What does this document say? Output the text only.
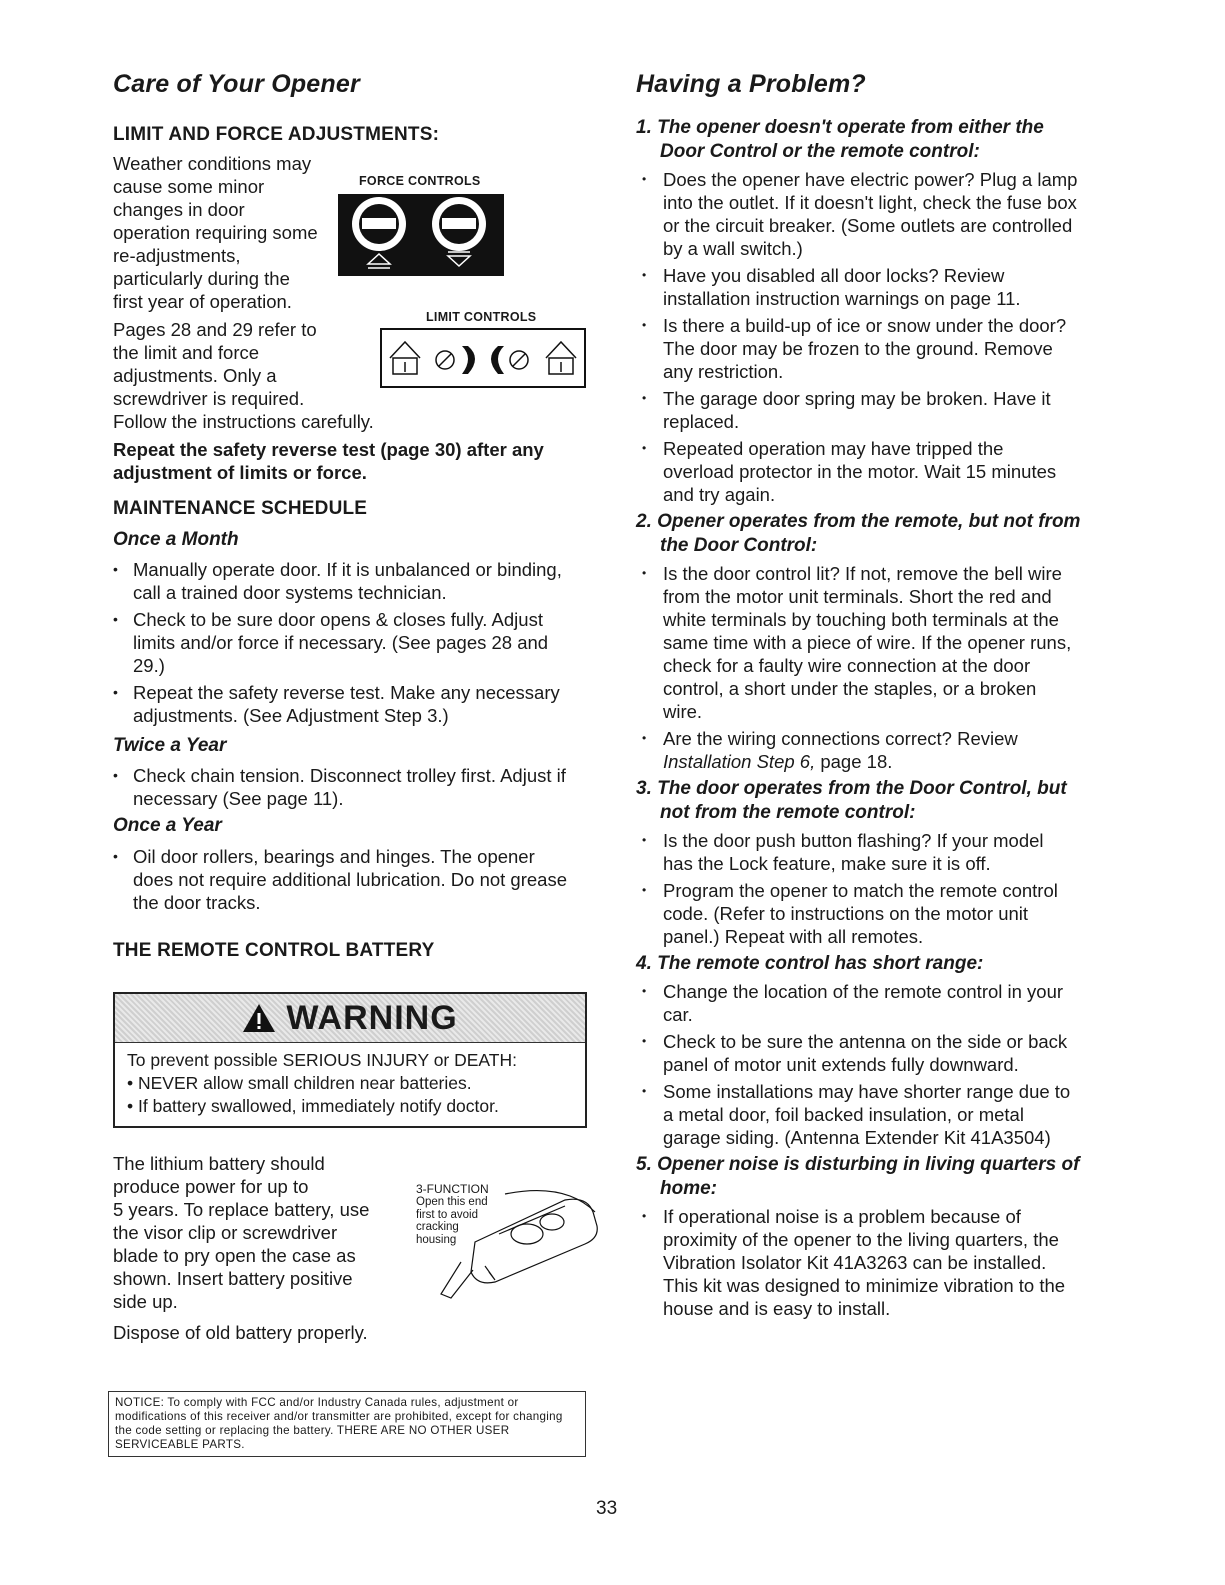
Care of Your Opener
LIMIT AND FORCE ADJUSTMENTS:
Weather conditions may
cause some minor
changes in door
operation requiring some
re-adjustments,
particularly during the
first year of operation.
Pages 28 and 29 refer to
the limit and force
adjustments. Only a
screwdriver is required.
Follow the instructions carefully.
FORCE CONTROLS
LIMIT CONTROLS
Repeat the safety reverse test (page 30) after any adjustment of limits or force.
MAINTENANCE SCHEDULE
Once a Month
• Manually operate door. If it is unbalanced or binding, call a trained door systems technician.
• Check to be sure door opens & closes fully. Adjust limits and/or force if necessary. (See pages 28 and 29.)
• Repeat the safety reverse test. Make any necessary adjustments. (See Adjustment Step 3.)
Twice a Year
• Check chain tension. Disconnect trolley first. Adjust if necessary (See page 11).
Once a Year
• Oil door rollers, bearings and hinges. The opener does not require additional lubrication. Do not grease the door tracks.
THE REMOTE CONTROL BATTERY
WARNING
To prevent possible SERIOUS INJURY or DEATH:
• NEVER allow small children near batteries.
• If battery swallowed, immediately notify doctor.
The lithium battery should
produce power for up to
5 years. To replace battery, use
the visor clip or screwdriver
blade to pry open the case as
shown. Insert battery positive
side up.
Dispose of old battery properly.
3-FUNCTION
Open this end
first to avoid
cracking
housing
NOTICE: To comply with FCC and/or Industry Canada rules, adjustment or
modifications of this receiver and/or transmitter are prohibited, except for changing
the code setting or replacing the battery. THERE ARE NO OTHER USER
SERVICEABLE PARTS.
Having a Problem?
1. The opener doesn't operate from either the
Door Control or the remote control:
• Does the opener have electric power? Plug a lamp
into the outlet. If it doesn't light, check the fuse box
or the circuit breaker. (Some outlets are controlled
by a wall switch.)
• Have you disabled all door locks? Review
installation instruction warnings on page 11.
• Is there a build-up of ice or snow under the door?
The door may be frozen to the ground. Remove
any restriction.
• The garage door spring may be broken. Have it
replaced.
• Repeated operation may have tripped the
overload protector in the motor. Wait 15 minutes
and try again.
2. Opener operates from the remote, but not from
the Door Control:
• Is the door control lit? If not, remove the bell wire
from the motor unit terminals. Short the red and
white terminals by touching both terminals at the
same time with a piece of wire. If the opener runs,
check for a faulty wire connection at the door
control, a short under the staples, or a broken
wire.
• Are the wiring connections correct? Review
Installation Step 6, page 18.
3. The door operates from the Door Control, but
not from the remote control:
• Is the door push button flashing? If your model
has the Lock feature, make sure it is off.
• Program the opener to match the remote control
code. (Refer to instructions on the motor unit
panel.) Repeat with all remotes.
4. The remote control has short range:
• Change the location of the remote control in your
car.
• Check to be sure the antenna on the side or back
panel of motor unit extends fully downward.
• Some installations may have shorter range due to
a metal door, foil backed insulation, or metal
garage siding. (Antenna Extender Kit 41A3504)
5. Opener noise is disturbing in living quarters of
home:
• If operational noise is a problem because of
proximity of the opener to the living quarters, the
Vibration Isolator Kit 41A3263 can be installed.
This kit was designed to minimize vibration to the
house and is easy to install.
33
